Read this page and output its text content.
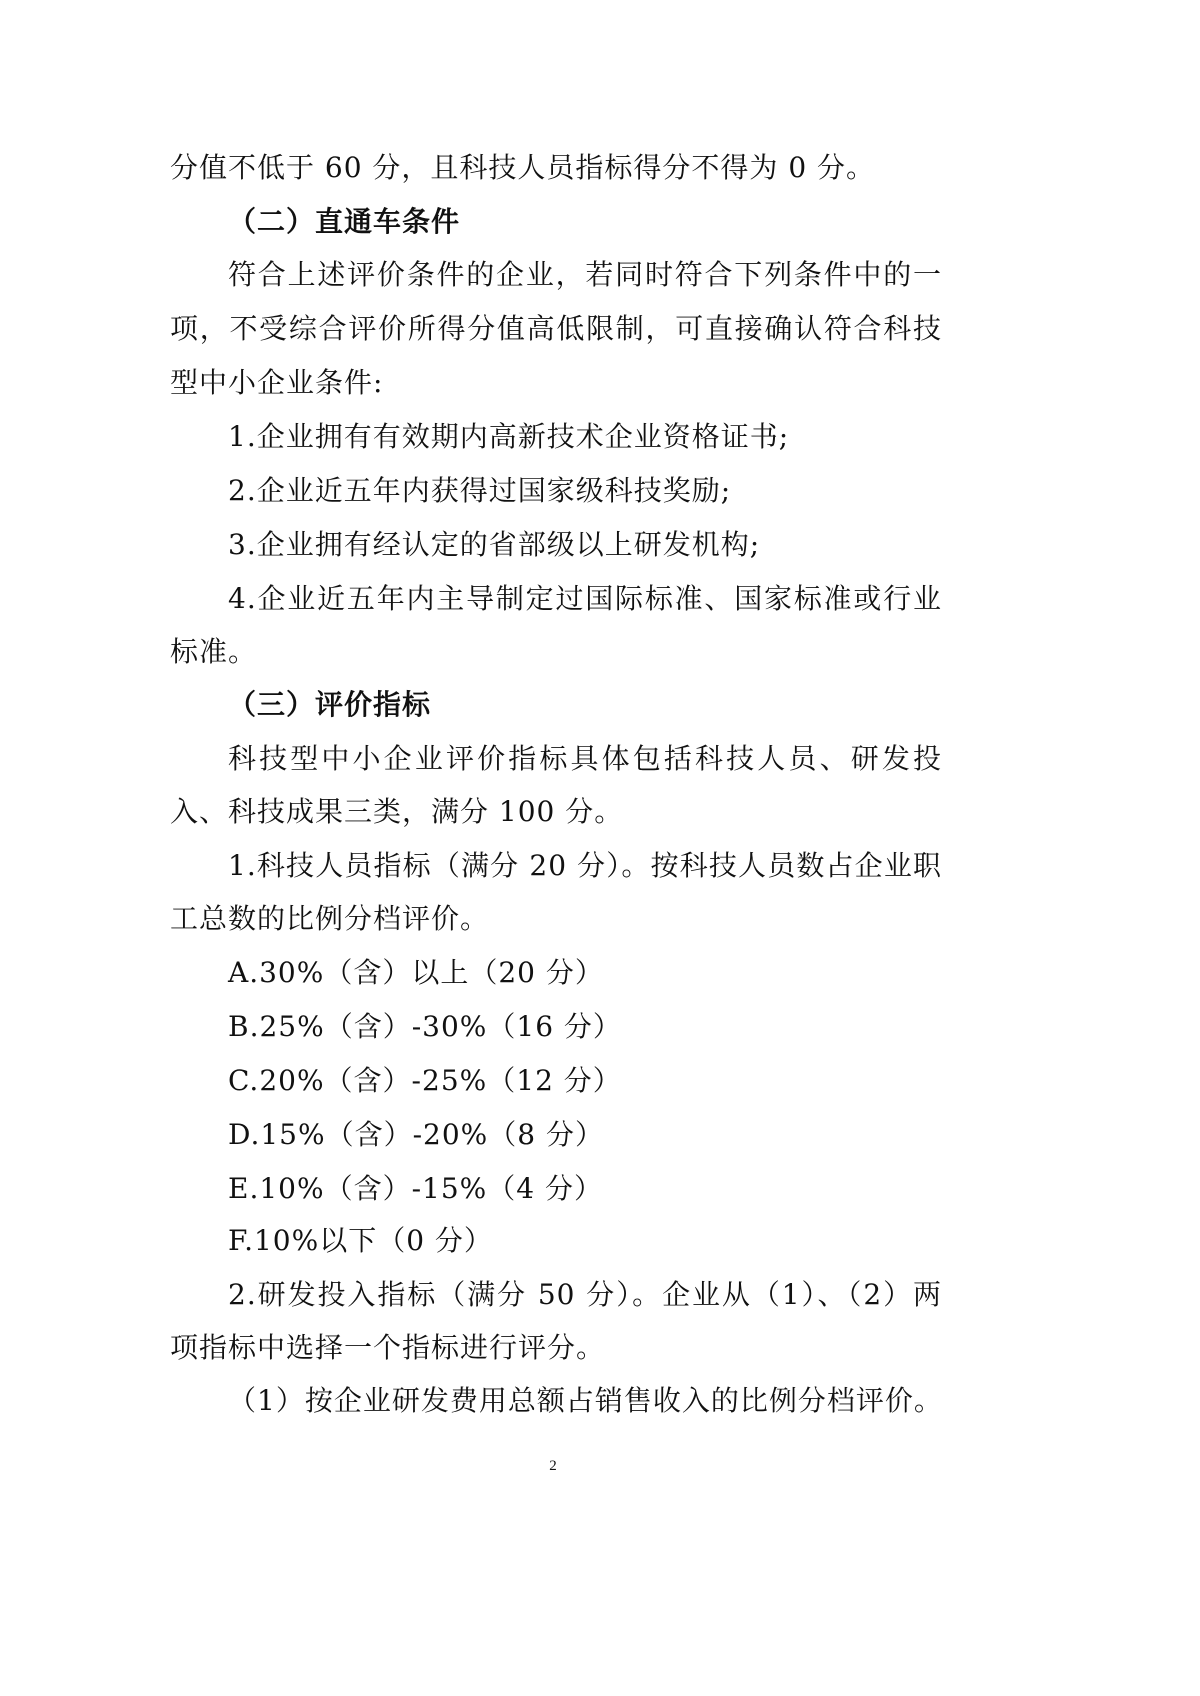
分值不低于 60 分，且科技人员指标得分不得为 0 分。
（二）直通车条件
符合上述评价条件的企业，若同时符合下列条件中的一
项，不受综合评价所得分值高低限制，可直接确认符合科技
型中小企业条件:
1.企业拥有有效期内高新技术企业资格证书;
2.企业近五年内获得过国家级科技奖励;
3.企业拥有经认定的省部级以上研发机构;
4.企业近五年内主导制定过国际标准、国家标准或行业
标准。
（三）评价指标
科技型中小企业评价指标具体包括科技人员、研发投
入、科技成果三类，满分 100 分。
1.科技人员指标（满分 20 分）。按科技人员数占企业职
工总数的比例分档评价。
A.30%（含）以上（20 分）
B.25%（含）-30%（16 分）
C.20%（含）-25%（12 分）
D.15%（含）-20%（8 分）
E.10%（含）-15%（4 分）
F.10%以下（0 分）
2.研发投入指标（满分 50 分）。企业从（1）、（2）两
项指标中选择一个指标进行评分。
（1）按企业研发费用总额占销售收入的比例分档评价。
2
